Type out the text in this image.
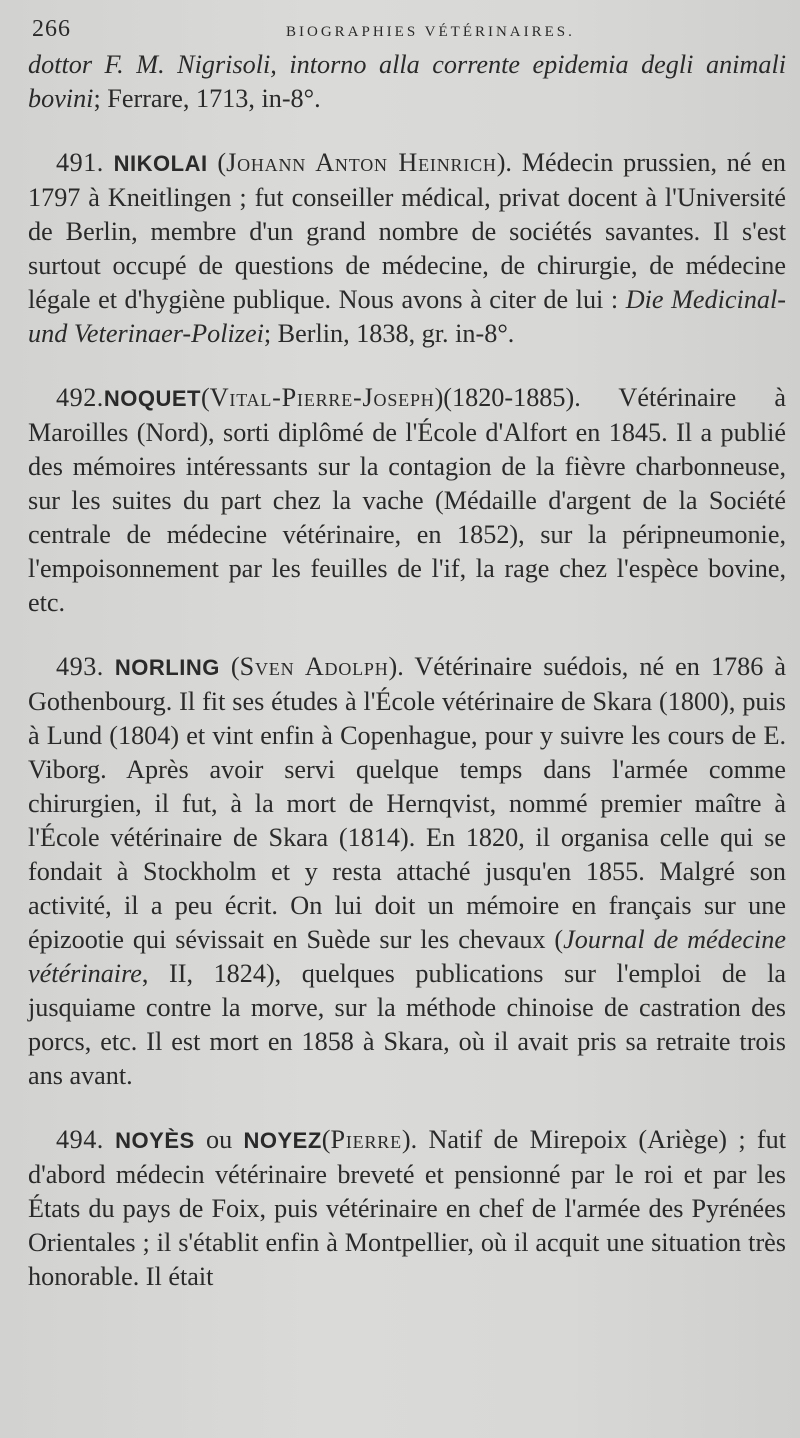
266	BIOGRAPHIES VÉTÉRINAIRES.

dottor F. M. Nigrisoli, intorno alla corrente epidemia degli animali bovini; Ferrare, 1713, in-8°.

491. NIKOLAI (Johann Anton Heinrich). Médecin prussien, né en 1797 à Kneitlingen ; fut conseiller médical, privat docent à l'Université de Berlin, membre d'un grand nombre de sociétés savantes. Il s'est surtout occupé de questions de médecine, de chirurgie, de médecine légale et d'hygiène publique. Nous avons à citer de lui : Die Medicinal-und Veterinaer-Polizei; Berlin, 1838, gr. in-8°.

492.NOQUET(Vital-Pierre-Joseph)(1820-1885). Vétérinaire à Maroilles (Nord), sorti diplômé de l'École d'Alfort en 1845. Il a publié des mémoires intéressants sur la contagion de la fièvre charbonneuse, sur les suites du part chez la vache (Médaille d'argent de la Société centrale de médecine vétérinaire, en 1852), sur la péripneumonie, l'empoisonnement par les feuilles de l'if, la rage chez l'espèce bovine, etc.

493. NORLING (Sven Adolph). Vétérinaire suédois, né en 1786 à Gothenbourg. Il fit ses études à l'École vétérinaire de Skara (1800), puis à Lund (1804) et vint enfin à Copenhague, pour y suivre les cours de E. Viborg. Après avoir servi quelque temps dans l'armée comme chirurgien, il fut, à la mort de Hernqvist, nommé premier maître à l'École vétérinaire de Skara (1814). En 1820, il organisa celle qui se fondait à Stockholm et y resta attaché jusqu'en 1855. Malgré son activité, il a peu écrit. On lui doit un mémoire en français sur une épizootie qui sévissait en Suède sur les chevaux (Journal de médecine vétérinaire, II, 1824), quelques publications sur l'emploi de la jusquiame contre la morve, sur la méthode chinoise de castration des porcs, etc. Il est mort en 1858 à Skara, où il avait pris sa retraite trois ans avant.

494. NOYÈS ou NOYEZ(Pierre). Natif de Mirepoix (Ariège) ; fut d'abord médecin vétérinaire breveté et pensionné par le roi et par les États du pays de Foix, puis vétérinaire en chef de l'armée des Pyrénées Orientales ; il s'établit enfin à Montpellier, où il acquit une situation très honorable. Il était
